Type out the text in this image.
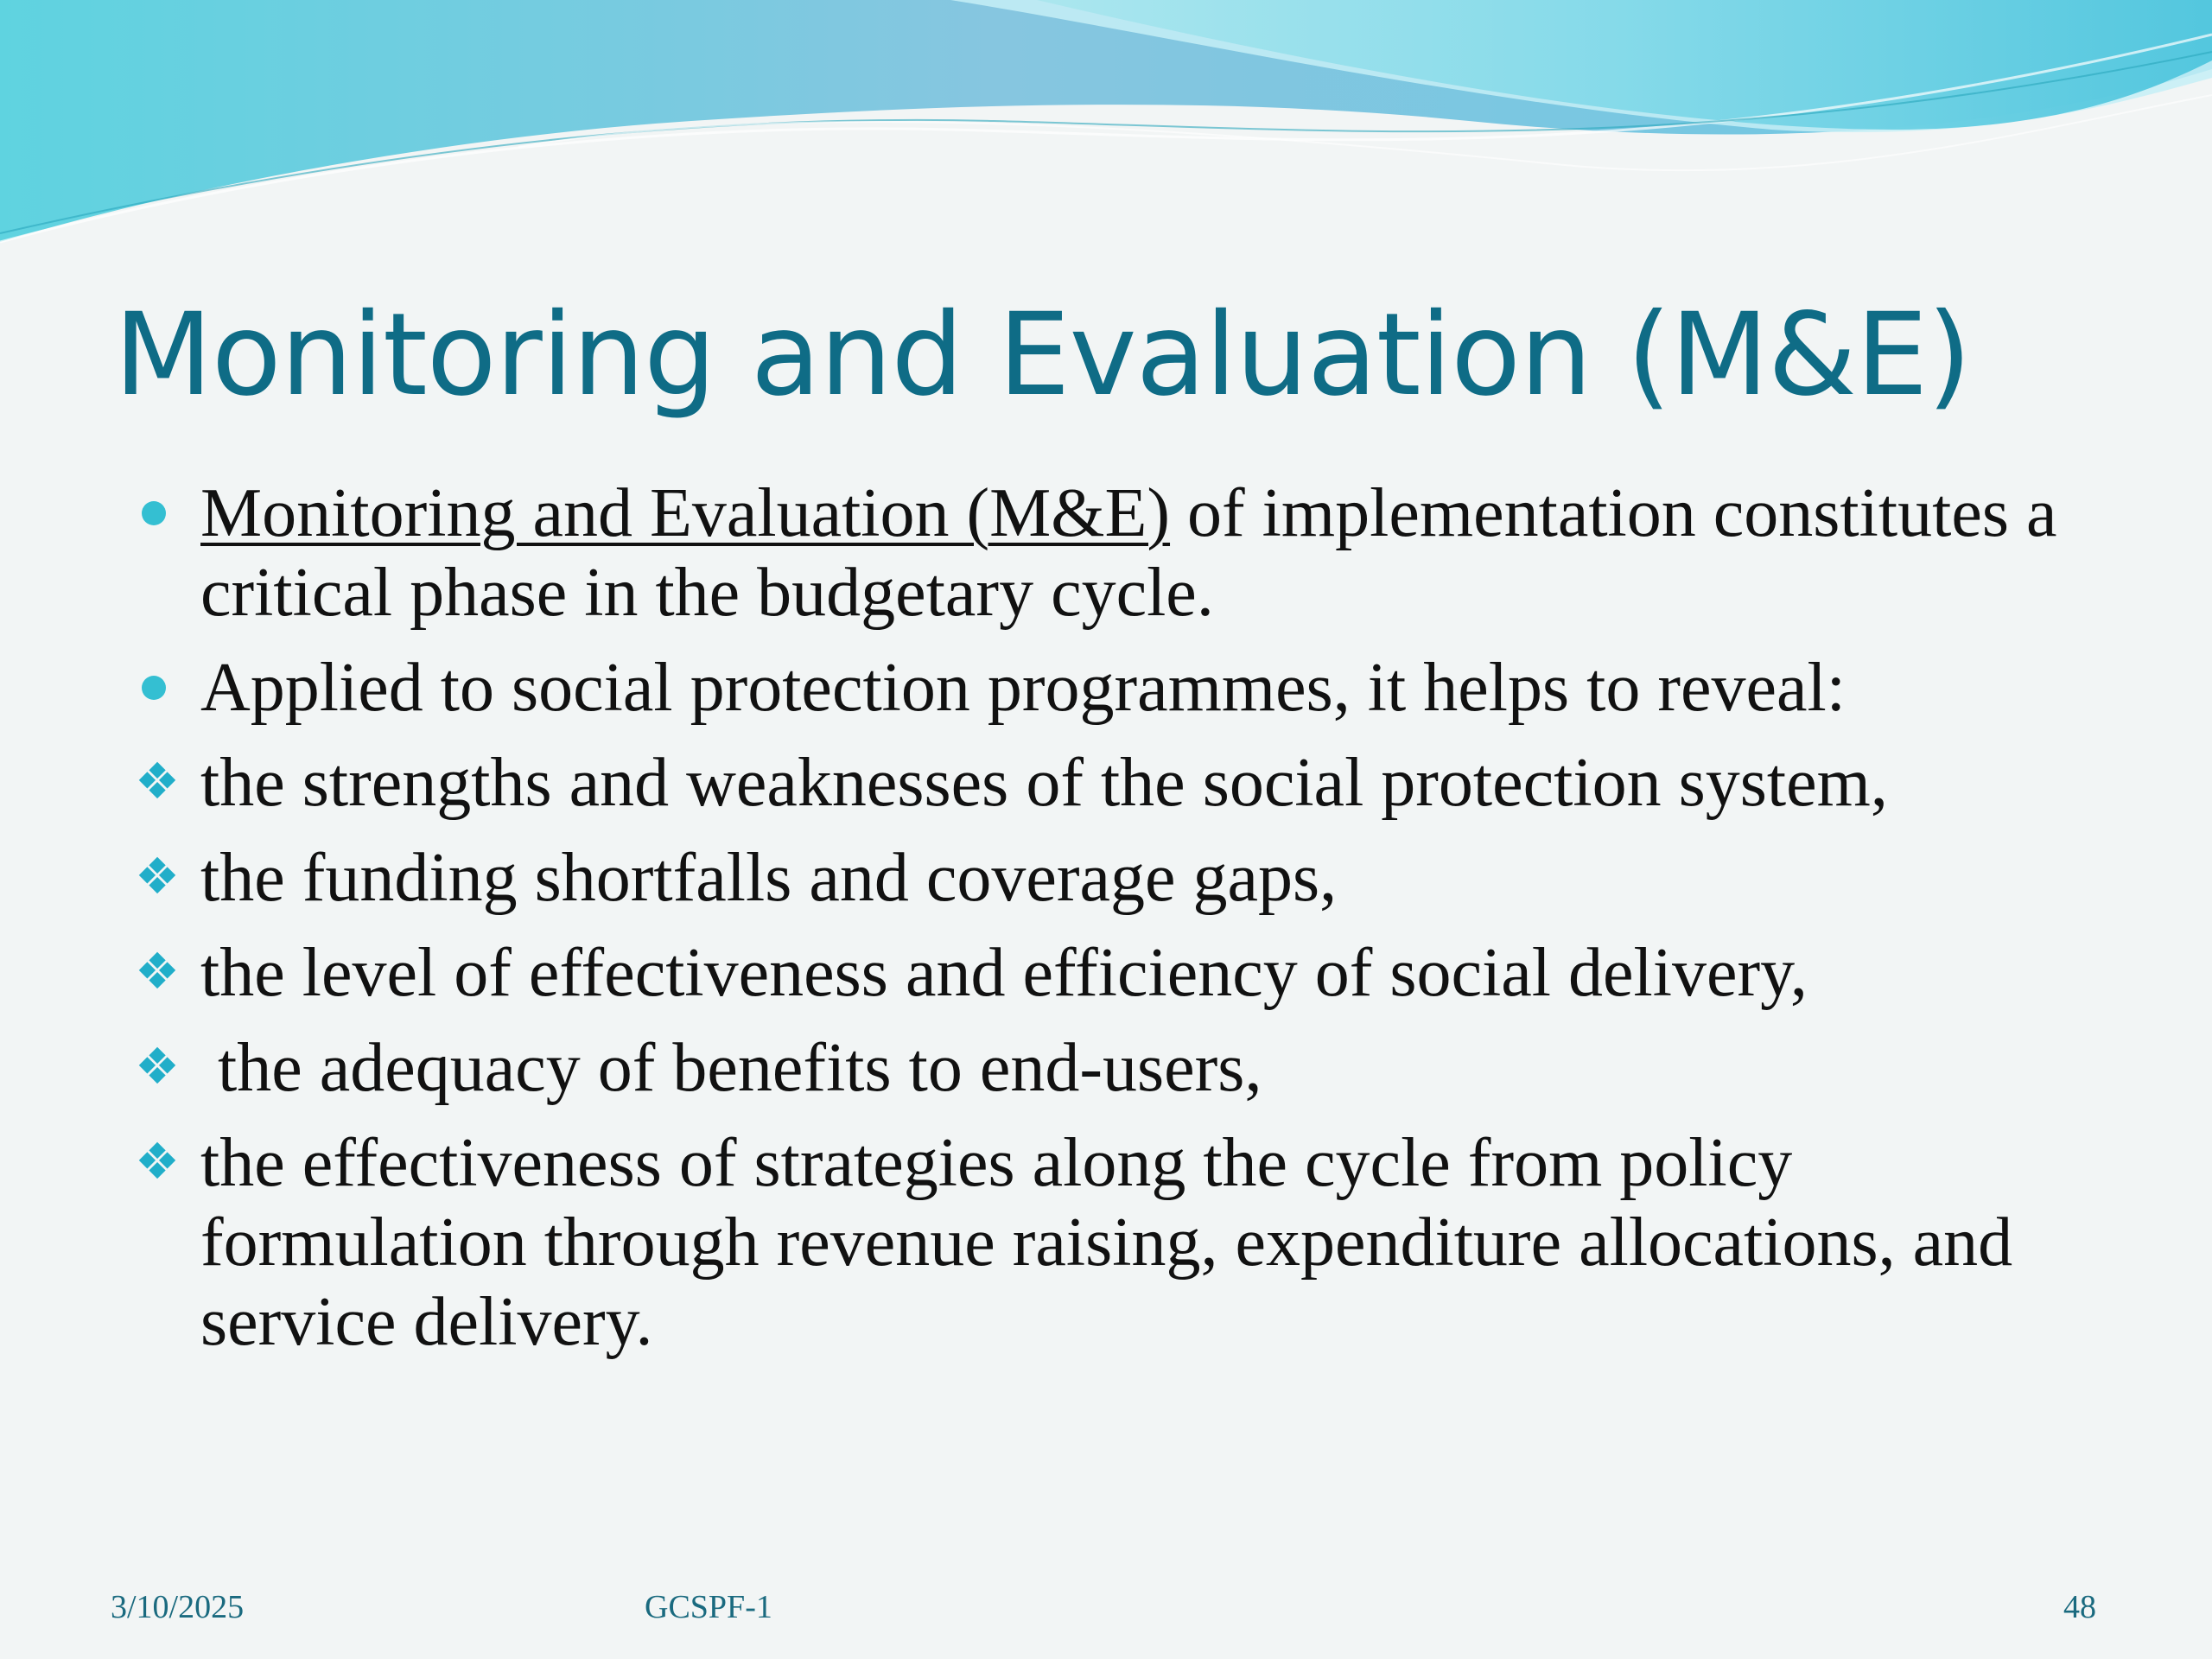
Monitoring and Evaluation (M&E)
Monitoring and Evaluation (M&E) of implementation constitutes a critical phase in the budgetary cycle.
Applied to social protection programmes, it helps to reveal:
❖ the strengths and weaknesses of the social protection system,
❖ the funding shortfalls and coverage gaps,
❖ the level of effectiveness and efficiency of social delivery,
❖ the adequacy of benefits to end-users,
❖ the effectiveness of strategies along the cycle from policy formulation through revenue raising, expenditure allocations, and service delivery.

3/10/2025	GCSPF-1	48
